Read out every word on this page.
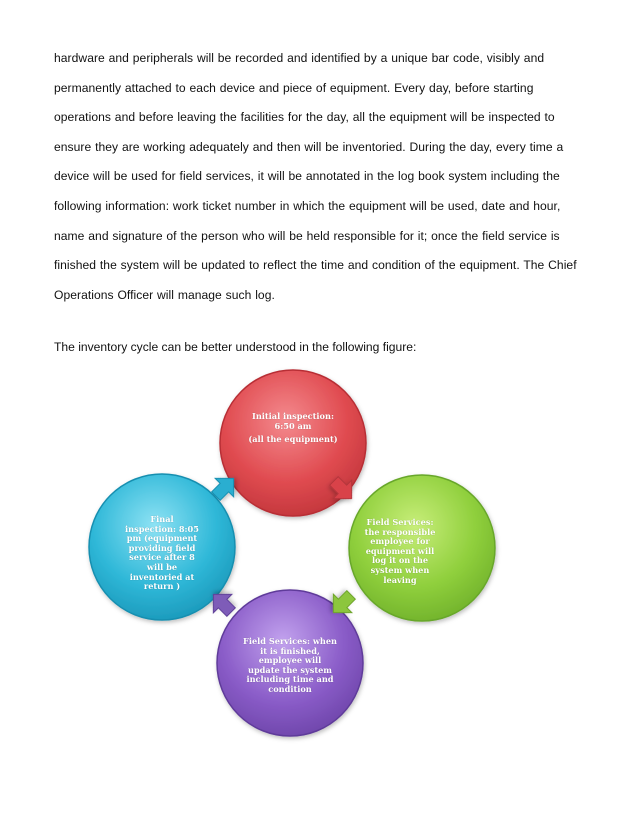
hardware and peripherals will be recorded and identified by a unique bar code, visibly and permanently attached to each device and piece of equipment. Every day, before starting operations and before leaving the facilities for the day, all the equipment will be inspected to ensure they are working adequately and then will be inventoried. During the day, every time a device will be used for field services, it will be annotated in the log book system including the following information: work ticket number in which the equipment will be used, date and hour, name and signature of the person who will be held responsible for it; once the field service is finished the system will be updated to reflect the time and condition of the equipment. The Chief Operations Officer will manage such log.

The inventory cycle can be better understood in the following figure:

Initial inspection:
6:50 am
(all the equipment)
Field Services: the responsible employee for equipment will log it on the system when leaving
Field Services: when it is finished, employee will update the system including time and condition
Final inspection: 8:05 pm (equipment providing field service after 8 will be inventoried at return )
